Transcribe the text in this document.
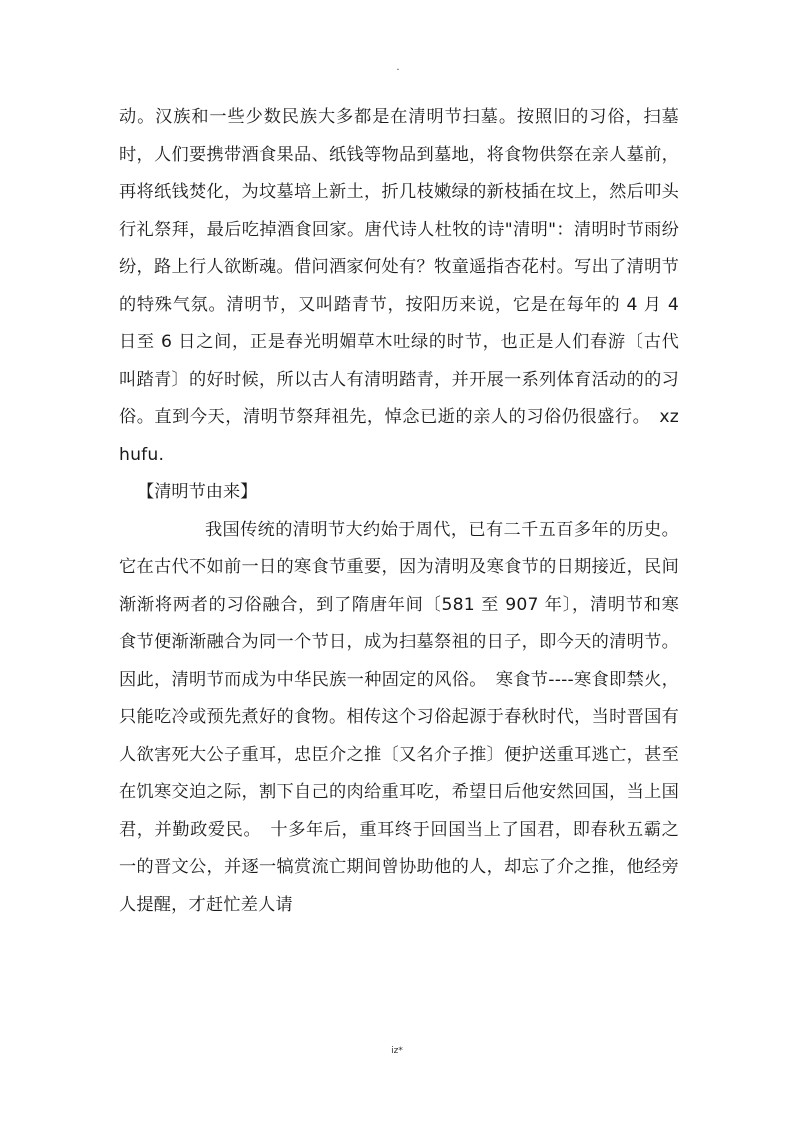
.

动。汉族和一些少数民族大多都是在清明节扫墓。按照旧的习俗，扫墓时，人们要携带酒食果品、纸钱等物品到墓地，将食物供祭在亲人墓前，再将纸钱焚化，为坟墓培上新土，折几枝嫩绿的新枝插在坟上，然后叩头行礼祭拜，最后吃掉酒食回家。唐代诗人杜牧的诗"清明"：清明时节雨纷纷，路上行人欲断魂。借问酒家何处有？牧童遥指杏花村。写出了清明节的特殊气氛。清明节，又叫踏青节，按阳历来说，它是在每年的 4 月 4 日至 6 日之间，正是春光明媚草木吐绿的时节，也正是人们春游〔古代叫踏青〕的好时候，所以古人有清明踏青，并开展一系列体育活动的的习俗。直到今天，清明节祭拜祖先，悼念已逝的亲人的习俗仍很盛行。　xzhufu.

【清明节由来】

我国传统的清明节大约始于周代，已有二千五百多年的历史。它在古代不如前一日的寒食节重要，因为清明及寒食节的日期接近，民间渐渐将两者的习俗融合，到了隋唐年间〔581 至 907 年〕，清明节和寒食节便渐渐融合为同一个节日，成为扫墓祭祖的日子，即今天的清明节。因此，清明节而成为中华民族一种固定的风俗。　寒食节----寒食即禁火，只能吃冷或预先煮好的食物。相传这个习俗起源于春秋时代，当时晋国有人欲害死大公子重耳，忠臣介之推〔又名介子推〕便护送重耳逃亡，甚至在饥寒交迫之际，割下自己的肉给重耳吃，希望日后他安然回国，当上国君，并勤政爱民。　十多年后，重耳终于回国当上了国君，即春秋五霸之一的晋文公，并逐一犒赏流亡期间曾协助他的人，却忘了介之推，他经旁人提醒，才赶忙差人请

iz*
